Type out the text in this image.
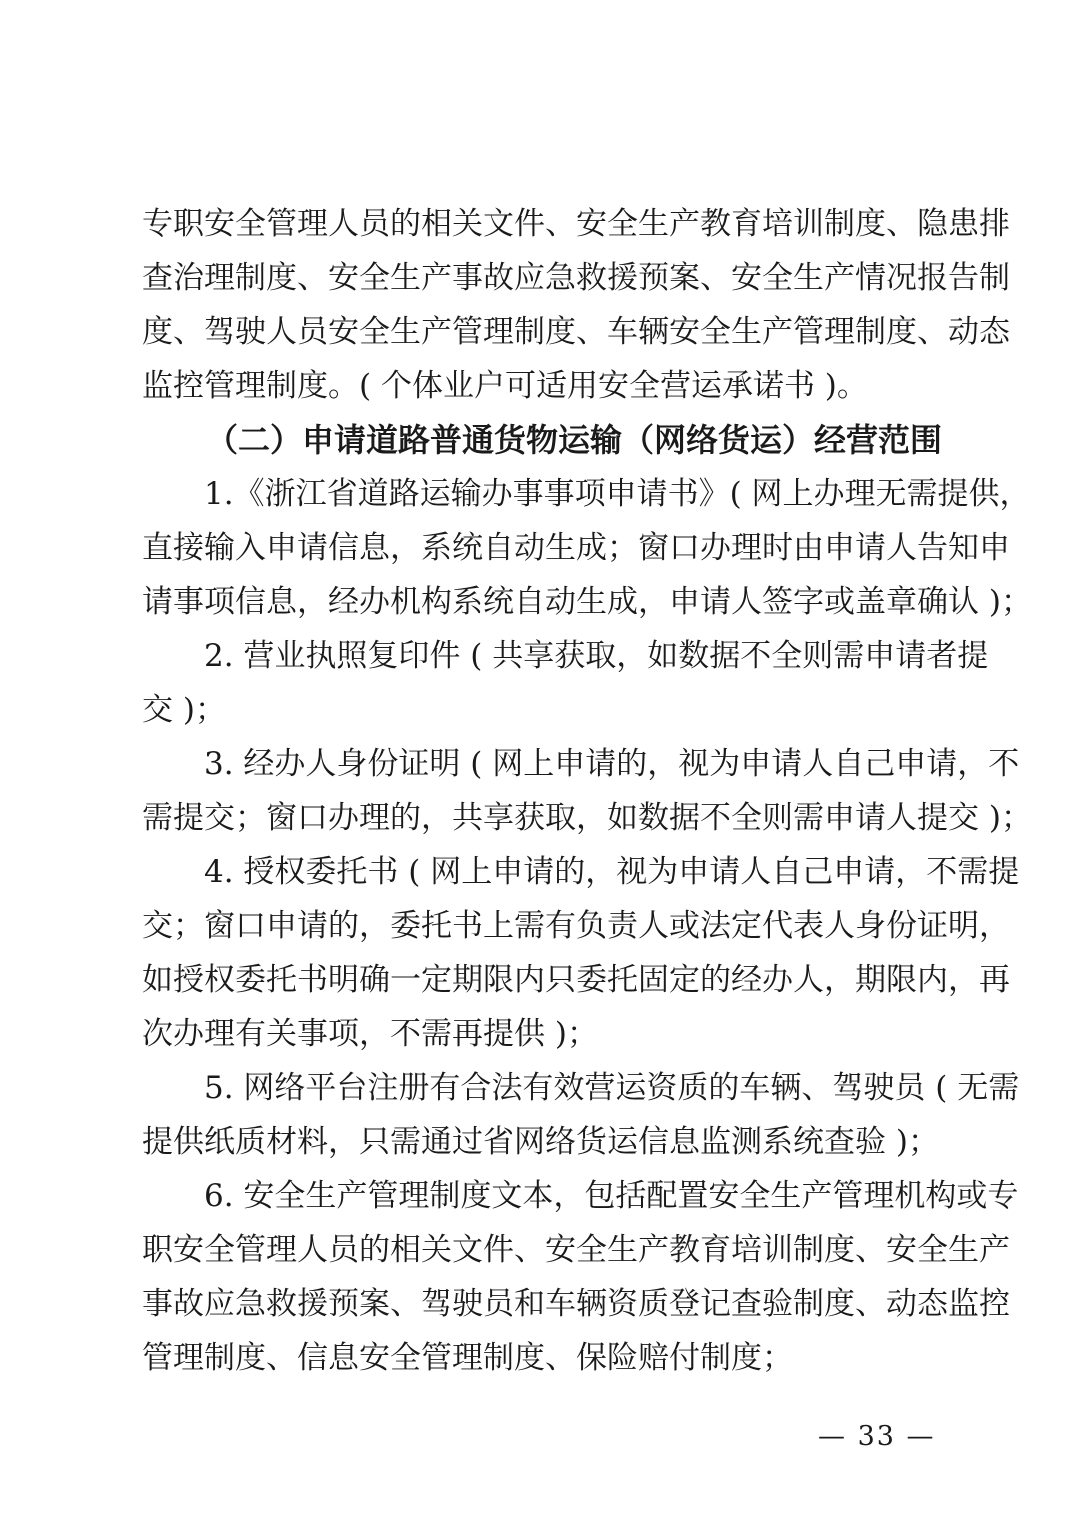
专职安全管理人员的相关文件、安全生产教育培训制度、隐患排
查治理制度、安全生产事故应急救援预案、安全生产情况报告制
度、驾驶人员安全生产管理制度、车辆安全生产管理制度、动态
监控管理制度。( 个体业户可适用安全营运承诺书 )。
（二）申请道路普通货物运输（网络货运）经营范围
1.《浙江省道路运输办事事项申请书》( 网上办理无需提供，
直接输入申请信息，系统自动生成；窗口办理时由申请人告知申
请事项信息，经办机构系统自动生成，申请人签字或盖章确认 )；
2. 营业执照复印件 ( 共享获取，如数据不全则需申请者提
交 )；
3. 经办人身份证明 ( 网上申请的，视为申请人自己申请，不
需提交；窗口办理的，共享获取，如数据不全则需申请人提交 )；
4. 授权委托书 ( 网上申请的，视为申请人自己申请，不需提
交；窗口申请的，委托书上需有负责人或法定代表人身份证明，
如授权委托书明确一定期限内只委托固定的经办人，期限内，再
次办理有关事项，不需再提供 )；
5. 网络平台注册有合法有效营运资质的车辆、驾驶员 ( 无需
提供纸质材料，只需通过省网络货运信息监测系统查验 )；
6. 安全生产管理制度文本，包括配置安全生产管理机构或专
职安全管理人员的相关文件、安全生产教育培训制度、安全生产
事故应急救援预案、驾驶员和车辆资质登记查验制度、动态监控
管理制度、信息安全管理制度、保险赔付制度；
— 33 —
